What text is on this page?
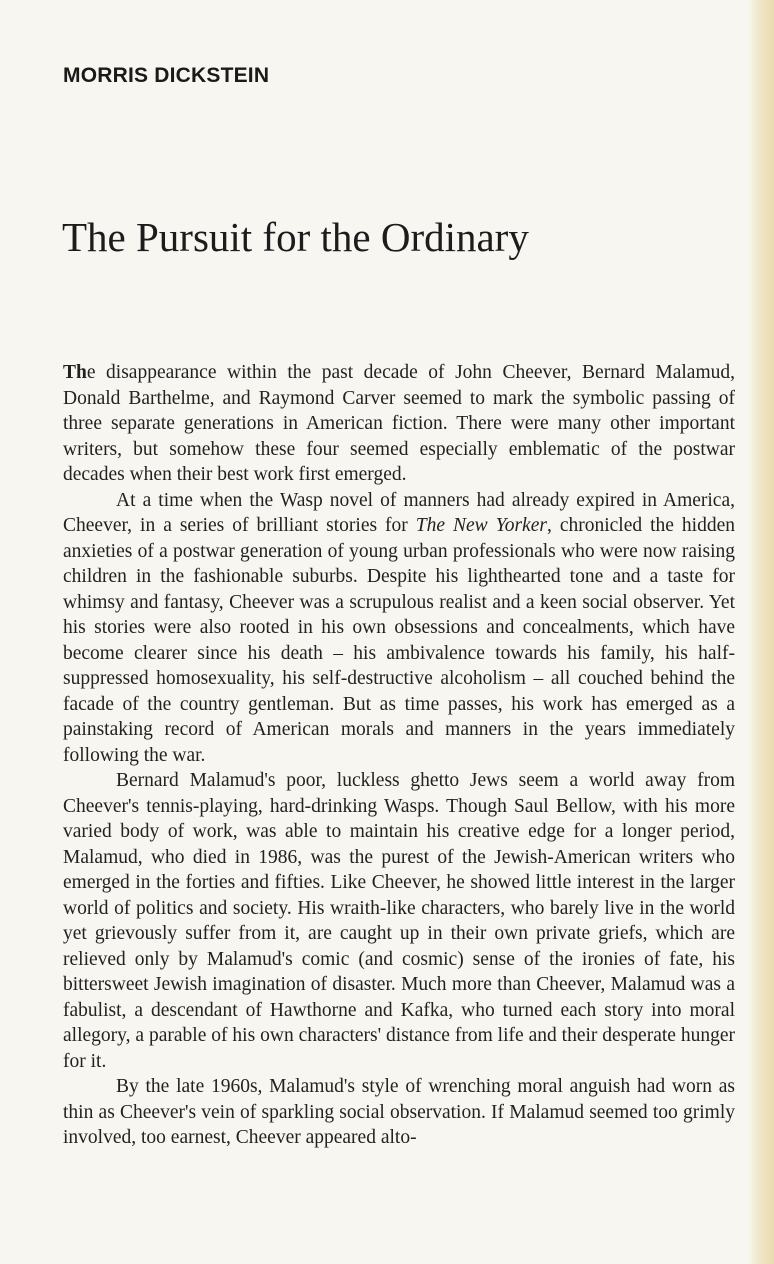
MORRIS DICKSTEIN
The Pursuit for the Ordinary

The disappearance within the past decade of John Cheever, Bernard Malamud, Donald Barthelme, and Raymond Carver seemed to mark the symbolic passing of three separate generations in American fiction. There were many other important writers, but somehow these four seemed especially emblematic of the postwar decades when their best work first emerged.

At a time when the Wasp novel of manners had already expired in America, Cheever, in a series of brilliant stories for The New Yorker, chronicled the hidden anxieties of a postwar generation of young urban professionals who were now raising children in the fashionable suburbs. Despite his lighthearted tone and a taste for whimsy and fantasy, Cheever was a scrupulous realist and a keen social observer. Yet his stories were also rooted in his own obsessions and concealments, which have become clearer since his death – his ambivalence towards his family, his half-suppressed homosexuality, his self-destructive alcoholism – all couched behind the facade of the country gentleman. But as time passes, his work has emerged as a painstaking record of American morals and manners in the years immediately following the war.

Bernard Malamud's poor, luckless ghetto Jews seem a world away from Cheever's tennis-playing, hard-drinking Wasps. Though Saul Bellow, with his more varied body of work, was able to maintain his creative edge for a longer period, Malamud, who died in 1986, was the purest of the Jewish-American writers who emerged in the forties and fifties. Like Cheever, he showed little interest in the larger world of politics and society. His wraith-like characters, who barely live in the world yet grievously suffer from it, are caught up in their own private griefs, which are relieved only by Malamud's comic (and cosmic) sense of the ironies of fate, his bittersweet Jewish imagination of disaster. Much more than Cheever, Malamud was a fabulist, a descendant of Hawthorne and Kafka, who turned each story into moral allegory, a parable of his own characters' distance from life and their desperate hunger for it.

By the late 1960s, Malamud's style of wrenching moral anguish had worn as thin as Cheever's vein of sparkling social observation. If Malamud seemed too grimly involved, too earnest, Cheever appeared alto-
